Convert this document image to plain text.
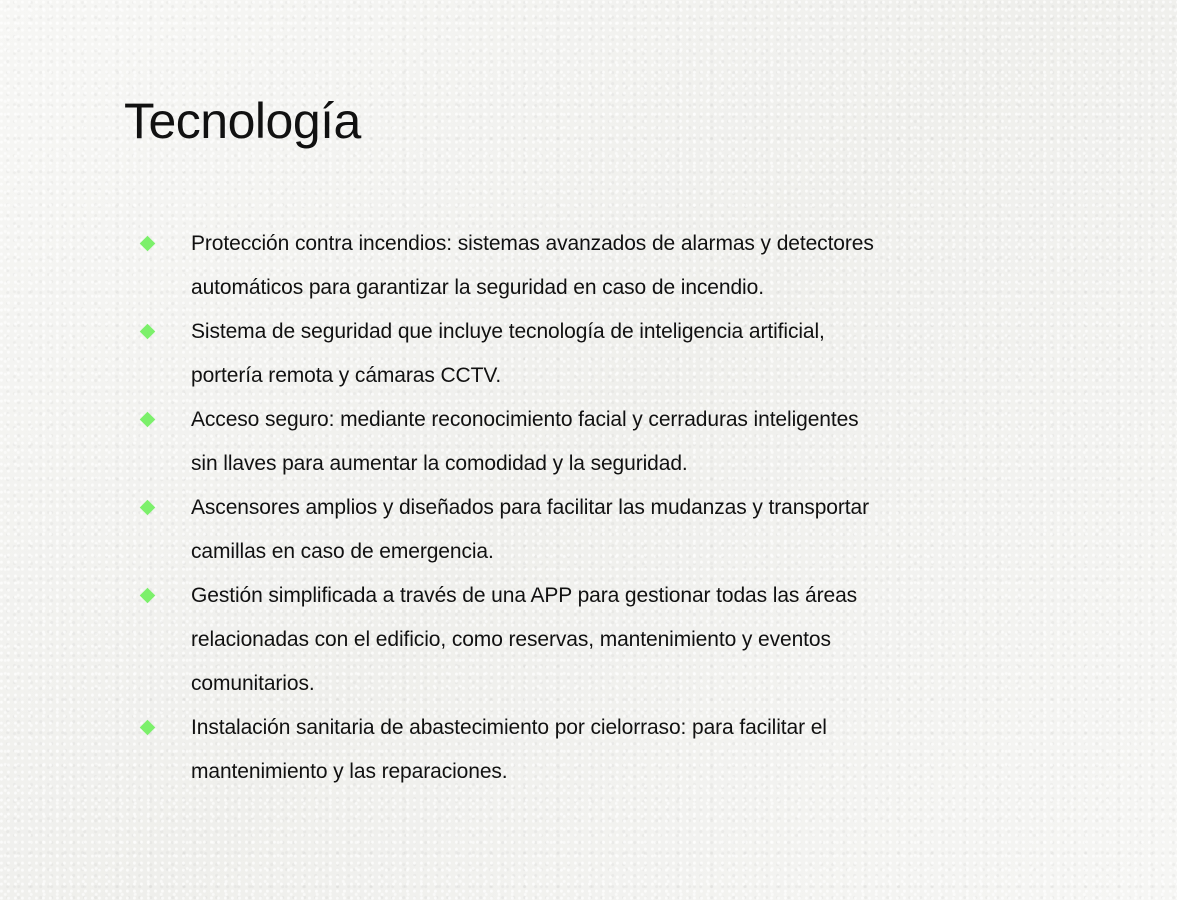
Tecnología
Protección contra incendios: sistemas avanzados de alarmas y detectores
automáticos para garantizar la seguridad en caso de incendio.
Sistema de seguridad que incluye tecnología de inteligencia artificial,
portería remota y cámaras CCTV.
Acceso seguro: mediante reconocimiento facial y cerraduras inteligentes
sin llaves para aumentar la comodidad y la seguridad.
Ascensores amplios y diseñados para facilitar las mudanzas y transportar
camillas en caso de emergencia.
Gestión simplificada a través de una APP para gestionar todas las áreas
relacionadas con el edificio, como reservas, mantenimiento y eventos
comunitarios.
Instalación sanitaria de abastecimiento por cielorraso: para facilitar el
mantenimiento y las reparaciones.
